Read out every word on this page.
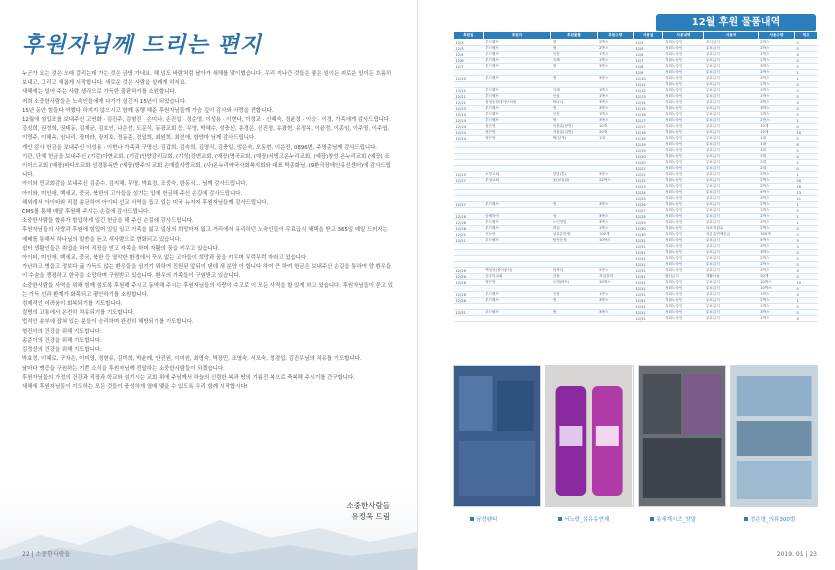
후원자님께 드리는 편지

누군가 요는 것은 오래 걸리는데 가는 것은 금방 가네요. 해 넘도 바람처럼 날아가 새해를 맞이했습니다. 우리 지나간 것들은 좋은 일이든 괴로운 일이든 흐름히 보내고, 그리고 새롭게 시작합니다. 새로운 것은 사람을 설레게 하지요.

새해에는 일어 주는 사람 생각으로 가득한 출판하기를 소원합니다.

저희 소중한사람들은 노숙인들에게 다가가 섬긴지 15년이 되었습니다.

15년 동안 힘들다 여했다 하지지 않으시고 함께 동행 해준 후원자님들께 가슴 깊이 감사와 사랑을 전합니다.

12월에 섬입조를 보내주신 고연화 · 김진주, 김형진 · 손미나, 손진섭 · 정순영, 이성용 · 이현나, 이정교 · 신혜숙, 정윤정 · 이승 · 이경, 가족에게 감사드립니다.

강성희, 권정희, 권태동, 김재균, 김호인, 나은선, 도문식, 동광교회 등, 무영, 박혜수, 성충신, 송경은, 신진정, 유광현, 유정옥, 이윤정, 이종임, 이주영, 이주엽, 이영주, 이혜옥, 임나리, 장미라, 장지호, 정동준, 정일희, 최원희, 최선애, 함양마 님께 감사드립니다.

개인 감사 헌금을 보내주신 이성용 · 이현나 가족과 구명신, 김갑희, 김숙희, 김영식, 김충일, 엄은숙, 오동현, 이은진, 0896번, 주명총님께 감사드립니다.

기관, 단체 헌금을 보내주신 (기감)아현교회, (기감)안양감리교회, (기성)강변교회, (예장)명곡교회, (예장)서빙고온누리교회, (예장)창성 온누리교회 (예장) 조이어스교회 (예장)바다오교회 성경통독반 (예장)방주의 교회 손에줍사랑교회, (사)온누리약국사회복지회와 대표 박종화님, (9환극장애인유선센터)에 감사드립니다.

아이와 민교회감을 보내주신 김준수, 김지혜, 무명, 박효정, 조중숙, 한동식... 님께 감사드립니다.

아이와, 미인애, 백세교, 중국, 북한의 고아들을 섬기는 일에 헌금해 주신 손길에 감사드립니다.

해외에서 아이티와 직접 송금하여 아이티 선교 사역을 돕고 있는 미국 뉴저지 후원자님들께 감사드립니다.

CMS를 통해 매달 후원해 주시는 손길에 감사드립니다.

소중한사람들 합류가 힘입하게 일긴 헌금을 해 주신 손길에 감사드립니다.

후원자님들의 사랑과 후원에 힘입어 일일 일고 가족을 잃고 일상의 희망마저 잃고 거리에서 유리하던 노숙인들이 무료급식 혜택을 받고 365일 예일 드러지는 예배를 통해서 하나님의 말씀을 듣고 새사람으로 변화되고 있습니다.

쉼터 생활인들은 취업을 하여 직장을 얻고 자족을 하며 자활의 꿈을 키우고 있습니다.

아이티, 미인애, 백세교, 중국, 북한 등 열악한 환경에서 꾸오 없는 고아들이 희망과 꿈을 키우며 무럭무럭 자라고 있습니다.

가난하고 병들고 정보다 굶 가득도 않는 환우들을 심기기 위하여 진원된 앞뒤이 텐데 새 분양 이 합니다 하여 큰 하여 헌금은 보내주신 손길을 통하여 양 환우들이 수술을 쟁점하고 한국을 소망하며 구원받고 있습니다. 환우의 가족들이 구원받고 있습니다.

소중한사람들 사역을 위해 힘께 섬도록 후원해 주시고 동역해 주시는 후원자님들의 사랑이 수고로 이 모든 사역을 할 있게 하고 있습니다. 후원자님들이 묻고 있는 가득 선과 환계가 화목되고 평안하기를 소원합니다.

경제적인 어려움이 회복되기를 기도합니다.

질병의 고통에서 온전히 치유되기를 기도합니다.

법적인 송부에 잡혀 있는 분들이 승리하며 완전히 해방되기를 기도합니다.

형진이의 건강을 위해 기도합니다.

송준이의 건강을 위해 기도합니다.

김정신의 건강을 위해 기도합니다.

박효정, 이혜로, 구자은, 이미영, 정현유, 김미희, 박윤례, 안진원, 이미원, 최명숙, 박장민, 조영숙, 서모숙, 정경섭, 김진우님의 치유를 기도합니다.

날마다 맹증을 구원하는 기쁜 소식을 후원자님께 전달하는 소중한사람들이 되겠습니다.

후원자님들의 가정의 건강과 직장과 학교와 섬기시는 교회 위에 주님께서 하늘의 신령한 복과 땅의 기름진 복으로 축복해 주시기를 간구합니다.

새해에 후원자님들이 기도하는 모든 것들이 풍성하게 열매 맺을 수 있도록 우리 함께 시작합시다!

소중한사람들
유정옥 드림
22 | 소중한사람들
12월 후원 물품내역
후원일	후원자	후원물품	후원수량	사용일	사용내역	사용처	사용수량	재고
12/3	우드펠프	생	2박스	12/3	저희노숙인	조식급식	2박스	0
12/3	우드펠프	생	2박스	12/5	저희노숙인	무료급식	2박스	0
12/4	우드펠프	인삼	1박스	12/6	저희노숙인	무료급식	1박스	0
12/6	우드펠프	식혜	1박스	12/7	저희노숙인	무료급식	1박스	0
12/7	우드펠프	생	3박스	12/8	저희노숙인	무료급식	3박스	0
				12/9	저희노숙인	무료급식	2박스	1
12/10	우드펠프	생	3박스	12/10	저희노숙인	무료급식	2박스	1
				12/11	저희노숙인	무료급식	1박스	0
12/10	우드펠프	식혜	1박스	12/12	저희노숙인	무료급식	1박스	0
12/11	우드펠프	인삼	1박스	12/13	저희노숙인	무료급식	1박스	0
12/11	정성동원데이브의원	바나나	3박스	12/14	저희노숙인	무료급식	3박스	0
12/13	우드펠프	생	3박스	12/15	저희노숙인	무료급식	3박스	0
12/14	우드펠프	인삼	1박스	12/16	저희노숙인	무료급식	1박스	0
12/14	우드펠프	생	3박스	12/17	저희노숙인	무료급식	2박스	1
12/14	정은영	저품효(양면)	10개	12/17	저희노숙인	무료급식	10개	0
12/14	정은영	저품효(일반)	20개	12/18	저희노숙인	무료급식	10개	10
12/14	정은영	팩(낱개)	1대	12/18	저희노숙인	무료급식	1대	0
				12/19	저희노숙인	무료급식	1대	6
				12/19	저희노숙인	무료급식	1대	0
				12/20	저희노숙인	무료급식	2대	4
				12/20	저희노숙인	무료급식	2대	2
				12/21	저희노숙인	무료급식	2대	0
12/15	소망교회	양말(혼)	3박스	12/21	저희노숙인	무료급식	2박스	1
12/17	우성교회	옷(보일링)	22박스	12/22	저희노숙인	무료급식	2박스	20
				12/23	저희노숙인	무료급식	2박스	18
				12/24	저희노숙인	무료급식	5박스	13
				12/25	저희노숙인	무료급식	2박스	11
12/17	우드펠프	생	3박스	12/26	저희노숙인	무료급식	2박스	1
				12/27	저희노숙인	무료급식	1박스	0
12/18	공세하이	성	3박스	12/28	저희노숙인	무료급식	2박스	1
12/18	우드펠프	노인양말	3박스	12/29	저희노숙인	무료급식	2박스	1
12/18	우드펠프	과일	1박스	12/30	저희노숙인	의료지원수	2박스	0
12/20	서노랑	섬유유연제	100개	12/30	저희노숙인	섬유유연제공급	100개	0
12/21	우드펠프	담가운성	10박스	12/31	저희노숙인	무료급식	5박스	5
				12/31	저희노숙인	무료급식	2박스	3
				12/31	저희노숙인	무료급식	3박스	0
				12/31	저희노숙인	무료급식	2박스	0
				12/31	저희노숙인	무료급식	2박스	0
12/26	백성천(영어좋선)	어묵과	2박스	12/31	저희노숙인	무료급식	2박스	0
12/26	공수리교회	간장	과일한과	12/31	쉼터급식	생활나눔	20개	0
12/28	정은영	오뎀(바트)	20박스	12/31	저희노숙인	무료급식	10박스	10
				12/31	저희노숙인	무료급식	10박스	0
12/28	우드펠프	인삼	1박스	12/31	저희노숙인	무료급식	1박스	0
12/28	우드펠프	생	3박스	12/31	저희노숙인	무료급식	2박스	1
				12/31	저희노숙인	무료급식	1박스	0
12/31	우드펠프	생	3박스	12/31	저희노숙인	무료급식	3박스	0
				12/31	저희노숙인	무료급식	1박스	0
남성팬티	서노랑_섬유유연제	옷세계시즈_양말	정은영_의류300벌
2019. 01 | 23
